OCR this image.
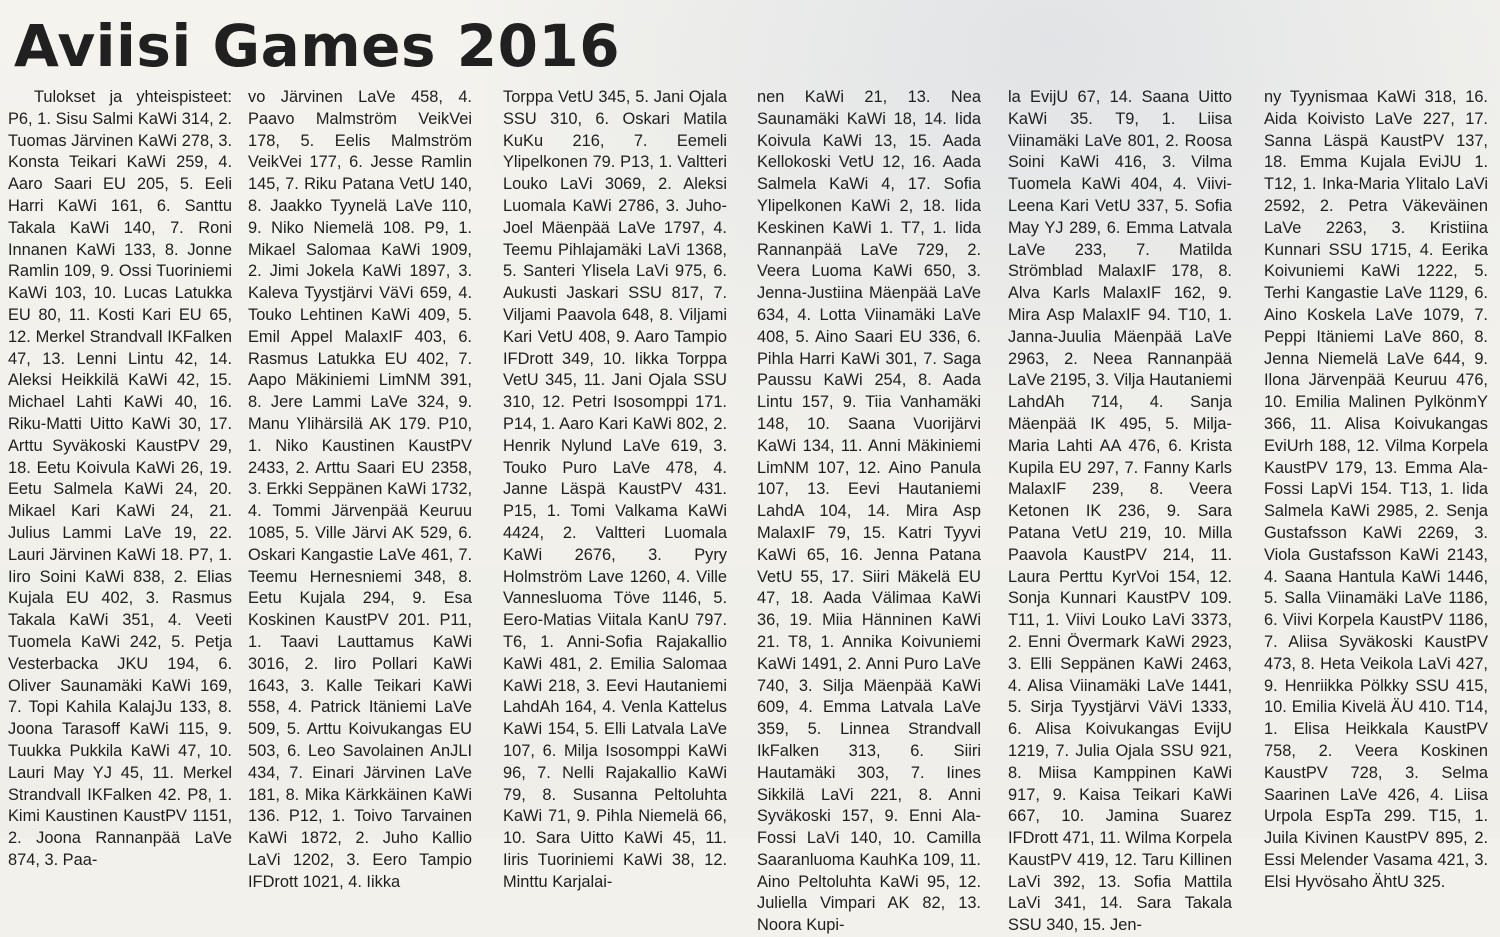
Aviisi Games 2016

Tulokset ja yhteispisteet: P6, 1. Sisu Salmi KaWi 314, 2. Tuomas Järvinen KaWi 278, 3. Konsta Teikari KaWi 259, 4. Aaro Saari EU 205, 5. Eeli Harri KaWi 161, 6. Santtu Takala KaWi 140, 7. Roni Innanen KaWi 133, 8. Jonne Ramlin 109, 9. Ossi Tuoriniemi KaWi 103, 10. Lucas Latukka EU 80, 11. Kosti Kari EU 65, 12. Merkel Strandvall IKFalken 47, 13. Lenni Lintu 42, 14. Aleksi Heikkilä KaWi 42, 15. Michael Lahti KaWi 40, 16. Riku-Matti Uitto KaWi 30, 17. Arttu Syväkoski KaustPV 29, 18. Eetu Koivula KaWi 26, 19. Eetu Salmela KaWi 24, 20. Mikael Kari KaWi 24, 21. Julius Lammi LaVe 19, 22. Lauri Järvinen KaWi 18. P7, 1. Iiro Soini KaWi 838, 2. Elias Kujala EU 402, 3. Rasmus Takala KaWi 351, 4. Veeti Tuomela KaWi 242, 5. Petja Vesterbacka JKU 194, 6. Oliver Saunamäki KaWi 169, 7. Topi Kahila KalajJu 133, 8. Joona Tarasoff KaWi 115, 9. Tuukka Pukkila KaWi 47, 10. Lauri May YJ 45, 11. Merkel Strandvall IKFalken 42. P8, 1. Kimi Kaustinen KaustPV 1151, 2. Joona Rannanpää LaVe 874, 3. Paa-

vo Järvinen LaVe 458, 4. Paavo Malmström VeikVei 178, 5. Eelis Malmström VeikVei 177, 6. Jesse Ramlin 145, 7. Riku Patana VetU 140, 8. Jaakko Tyynelä LaVe 110, 9. Niko Niemelä 108. P9, 1. Mikael Salomaa KaWi 1909, 2. Jimi Jokela KaWi 1897, 3. Kaleva Tyystjärvi VäVi 659, 4. Touko Lehtinen KaWi 409, 5. Emil Appel MalaxIF 403, 6. Rasmus Latukka EU 402, 7. Aapo Mäkiniemi LimNM 391, 8. Jere Lammi LaVe 324, 9. Manu Ylihärsilä AK 179. P10, 1. Niko Kaustinen KaustPV 2433, 2. Arttu Saari EU 2358, 3. Erkki Seppänen KaWi 1732, 4. Tommi Järvenpää Keuruu 1085, 5. Ville Järvi AK 529, 6. Oskari Kangastie LaVe 461, 7. Teemu Hernesniemi 348, 8. Eetu Kujala 294, 9. Esa Koskinen KaustPV 201. P11, 1. Taavi Lauttamus KaWi 3016, 2. Iiro Pollari KaWi 1643, 3. Kalle Teikari KaWi 558, 4. Patrick Itäniemi LaVe 509, 5. Arttu Koivukangas EU 503, 6. Leo Savolainen AnJLI 434, 7. Einari Järvinen LaVe 181, 8. Mika Kärkkäinen KaWi 136. P12, 1. Toivo Tarvainen KaWi 1872, 2. Juho Kallio LaVi 1202, 3. Eero Tampio IFDrott 1021, 4. Iikka

Torppa VetU 345, 5. Jani Ojala SSU 310, 6. Oskari Matila KuKu 216, 7. Eemeli Ylipelkonen 79. P13, 1. Valtteri Louko LaVi 3069, 2. Aleksi Luomala KaWi 2786, 3. Juho-Joel Mäenpää LaVe 1797, 4. Teemu Pihlajamäki LaVi 1368, 5. Santeri Ylisela LaVi 975, 6. Aukusti Jaskari SSU 817, 7. Viljami Paavola 648, 8. Viljami Kari VetU 408, 9. Aaro Tampio IFDrott 349, 10. Iikka Torppa VetU 345, 11. Jani Ojala SSU 310, 12. Petri Isosomppi 171. P14, 1. Aaro Kari KaWi 802, 2. Henrik Nylund LaVe 619, 3. Touko Puro LaVe 478, 4. Janne Läspä KaustPV 431. P15, 1. Tomi Valkama KaWi 4424, 2. Valtteri Luomala KaWi 2676, 3. Pyry Holmström Lave 1260, 4. Ville Vannesluoma Töve 1146, 5. Eero-Matias Viitala KanU 797. T6, 1. Anni-Sofia Rajakallio KaWi 481, 2. Emilia Salomaa KaWi 218, 3. Eevi Hautaniemi LahdAh 164, 4. Venla Kattelus KaWi 154, 5. Elli Latvala LaVe 107, 6. Milja Isosomppi KaWi 96, 7. Nelli Rajakallio KaWi 79, 8. Susanna Peltoluhta KaWi 71, 9. Pihla Niemelä 66, 10. Sara Uitto KaWi 45, 11. Iiris Tuoriniemi KaWi 38, 12. Minttu Karjalai-

nen KaWi 21, 13. Nea Saunamäki KaWi 18, 14. Iida Koivula KaWi 13, 15. Aada Kellokoski VetU 12, 16. Aada Salmela KaWi 4, 17. Sofia Ylipelkonen KaWi 2, 18. Iida Keskinen KaWi 1. T7, 1. Iida Rannanpää LaVe 729, 2. Veera Luoma KaWi 650, 3. Jenna-Justiina Mäenpää LaVe 634, 4. Lotta Viinamäki LaVe 408, 5. Aino Saari EU 336, 6. Pihla Harri KaWi 301, 7. Saga Paussu KaWi 254, 8. Aada Lintu 157, 9. Tiia Vanhamäki 148, 10. Saana Vuorijärvi KaWi 134, 11. Anni Mäkiniemi LimNM 107, 12. Aino Panula 107, 13. Eevi Hautaniemi LahdA 104, 14. Mira Asp MalaxIF 79, 15. Katri Tyyvi KaWi 65, 16. Jenna Patana VetU 55, 17. Siiri Mäkelä EU 47, 18. Aada Välimaa KaWi 36, 19. Miia Hänninen KaWi 21. T8, 1. Annika Koivuniemi KaWi 1491, 2. Anni Puro LaVe 740, 3. Silja Mäenpää KaWi 609, 4. Emma Latvala LaVe 359, 5. Linnea Strandvall IkFalken 313, 6. Siiri Hautamäki 303, 7. Iines Sikkilä LaVi 221, 8. Anni Syväkoski 157, 9. Enni Ala-Fossi LaVi 140, 10. Camilla Saaranluoma KauhKa 109, 11. Aino Peltoluhta KaWi 95, 12. Juliella Vimpari AK 82, 13. Noora Kupi-

la EvijU 67, 14. Saana Uitto KaWi 35. T9, 1. Liisa Viinamäki LaVe 801, 2. Roosa Soini KaWi 416, 3. Vilma Tuomela KaWi 404, 4. Viivi-Leena Kari VetU 337, 5. Sofia May YJ 289, 6. Emma Latvala LaVe 233, 7. Matilda Strömblad MalaxIF 178, 8. Alva Karls MalaxIF 162, 9. Mira Asp MalaxIF 94. T10, 1. Janna-Juulia Mäenpää LaVe 2963, 2. Neea Rannanpää LaVe 2195, 3. Vilja Hautaniemi LahdAh 714, 4. Sanja Mäenpää IK 495, 5. Milja-Maria Lahti AA 476, 6. Krista Kupila EU 297, 7. Fanny Karls MalaxIF 239, 8. Veera Ketonen IK 236, 9. Sara Patana VetU 219, 10. Milla Paavola KaustPV 214, 11. Laura Perttu KyrVoi 154, 12. Sonja Kunnari KaustPV 109. T11, 1. Viivi Louko LaVi 3373, 2. Enni Övermark KaWi 2923, 3. Elli Seppänen KaWi 2463, 4. Alisa Viinamäki LaVe 1441, 5. Sirja Tyystjärvi VäVi 1333, 6. Alisa Koivukangas EvijU 1219, 7. Julia Ojala SSU 921, 8. Miisa Kamppinen KaWi 917, 9. Kaisa Teikari KaWi 667, 10. Jamina Suarez IFDrott 471, 11. Wilma Korpela KaustPV 419, 12. Taru Killinen LaVi 392, 13. Sofia Mattila LaVi 341, 14. Sara Takala SSU 340, 15. Jen-

ny Tyynismaa KaWi 318, 16. Aida Koivisto LaVe 227, 17. Sanna Läspä KaustPV 137, 18. Emma Kujala EviJU 1. T12, 1. Inka-Maria Ylitalo LaVi 2592, 2. Petra Väkeväinen LaVe 2263, 3. Kristiina Kunnari SSU 1715, 4. Eerika Koivuniemi KaWi 1222, 5. Terhi Kangastie LaVe 1129, 6. Aino Koskela LaVe 1079, 7. Peppi Itäniemi LaVe 860, 8. Jenna Niemelä LaVe 644, 9. Ilona Järvenpää Keuruu 476, 10. Emilia Malinen PylkönmY 366, 11. Alisa Koivukangas EviUrh 188, 12. Vilma Korpela KaustPV 179, 13. Emma Ala-Fossi LapVi 154. T13, 1. Iida Salmela KaWi 2985, 2. Senja Gustafsson KaWi 2269, 3. Viola Gustafsson KaWi 2143, 4. Saana Hantula KaWi 1446, 5. Salla Viinamäki LaVe 1186, 6. Viivi Korpela KaustPV 1186, 7. Aliisa Syväkoski KaustPV 473, 8. Heta Veikola LaVi 427, 9. Henriikka Pölkky SSU 415, 10. Emilia Kivelä ÄU 410. T14, 1. Elisa Heikkala KaustPV 758, 2. Veera Koskinen KaustPV 728, 3. Selma Saarinen LaVe 426, 4. Liisa Urpola EspTa 299. T15, 1. Juila Kivinen KaustPV 895, 2. Essi Melender Vasama 421, 3. Elsi Hyvösaho ÄhtU 325.
